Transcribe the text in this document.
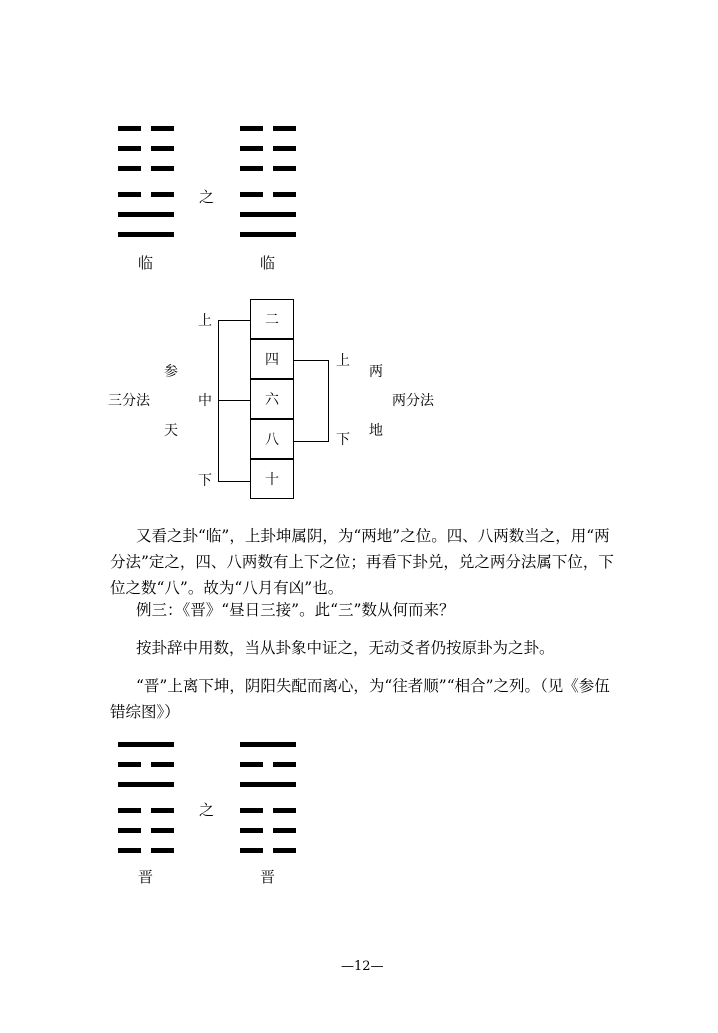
之
临	临
二
四
六
八
十
上
中
下
参
天
三分法
上
下
两
地
两分法
又看之卦“临”，上卦坤属阴，为“两地”之位。四、八两数当之，用“两分法”定之，四、八两数有上下之位；再看下卦兑，兑之两分法属下位，下位之数“八”。故为“八月有凶”也。
例三：《晋》“昼日三接”。此“三”数从何而来？
按卦辞中用数，当从卦象中证之，无动爻者仍按原卦为之卦。
“晋”上离下坤，阴阳失配而离心，为“往者顺”“相合”之列。（见《参伍错综图》）
之
晋	晋
—12—
